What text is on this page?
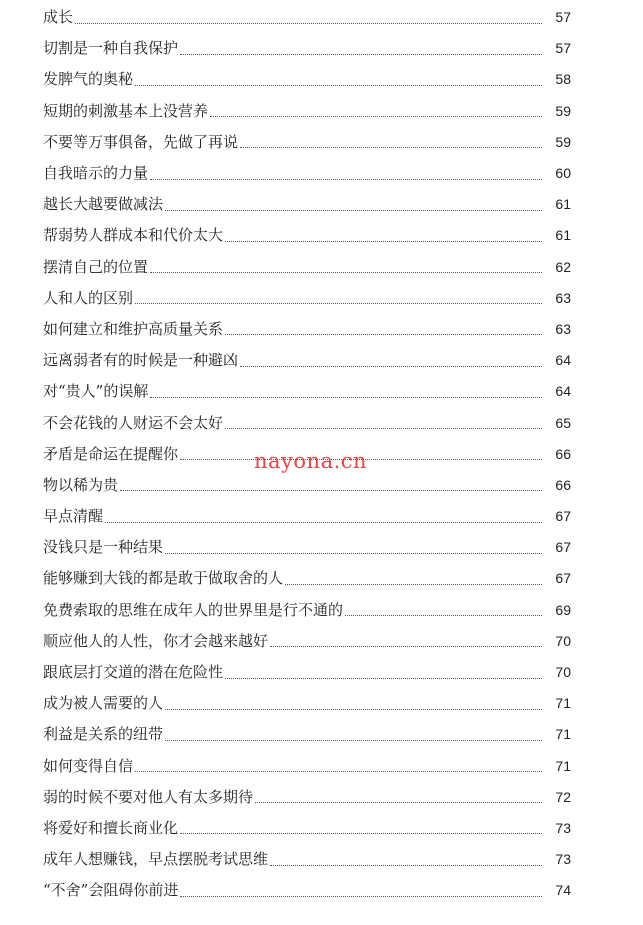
成长	57
切割是一种自我保护	57
发脾气的奥秘	58
短期的刺激基本上没营养	59
不要等万事俱备，先做了再说	59
自我暗示的力量	60
越长大越要做减法	61
帮弱势人群成本和代价太大	61
摆清自己的位置	62
人和人的区别	63
如何建立和维护高质量关系	63
远离弱者有的时候是一种避凶	64
对“贵人”的误解	64
不会花钱的人财运不会太好	65
矛盾是命运在提醒你	66
物以稀为贵	66
早点清醒	67
没钱只是一种结果	67
能够赚到大钱的都是敢于做取舍的人	67
免费索取的思维在成年人的世界里是行不通的	69
顺应他人的人性，你才会越来越好	70
跟底层打交道的潜在危险性	70
成为被人需要的人	71
利益是关系的纽带	71
如何变得自信	71
弱的时候不要对他人有太多期待	72
将爱好和擅长商业化	73
成年人想赚钱，早点摆脱考试思维	73
“不舍”会阻碍你前进	74
nayona.cn
